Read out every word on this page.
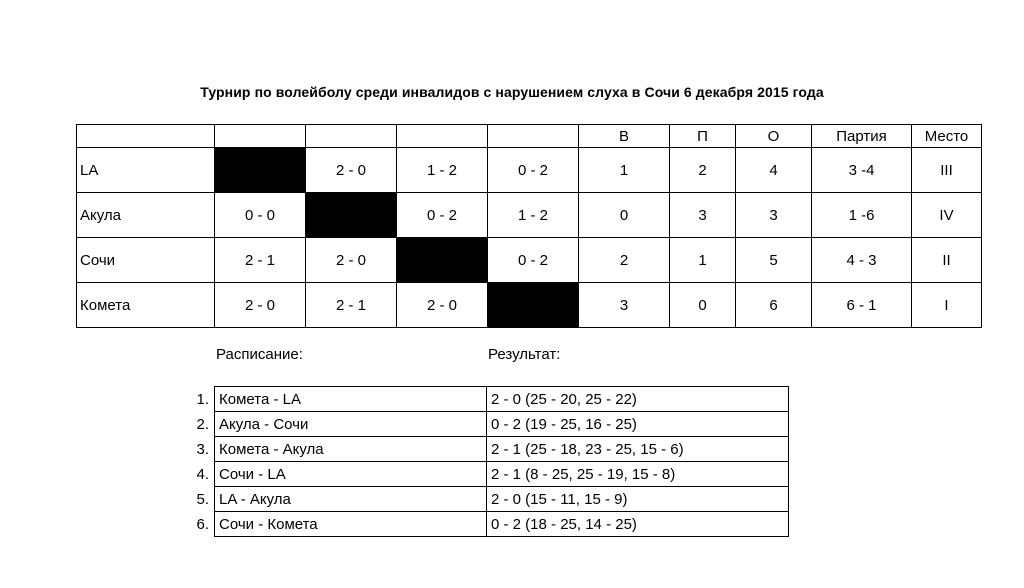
Турнир по волейболу среди инвалидов с нарушением слуха в Сочи 6 декабря 2015 года
					В	П	О	Партия	Место
LA		2 - 0	1 - 2	0 - 2	1	2	4	3 -4	III
Акула	0 - 0		0 - 2	1 - 2	0	3	3	1 -6	IV
Сочи	2 - 1	2 - 0		0 - 2	2	1	5	4 - 3	II
Комета	2 - 0	2 - 1	2 - 0		3	0	6	6 - 1	I
Расписание:	Результат:
1.	Комета - LA	2 - 0 (25 - 20, 25 - 22)
2.	Акула - Сочи	0 - 2 (19 - 25, 16 - 25)
3.	Комета - Акула	2 - 1 (25 - 18, 23 - 25, 15 - 6)
4.	Сочи - LA	2 - 1 (8 - 25, 25 - 19, 15 - 8)
5.	LA - Акула	2 - 0 (15 - 11, 15 - 9)
6.	Сочи - Комета	0 - 2 (18 - 25, 14 - 25)
